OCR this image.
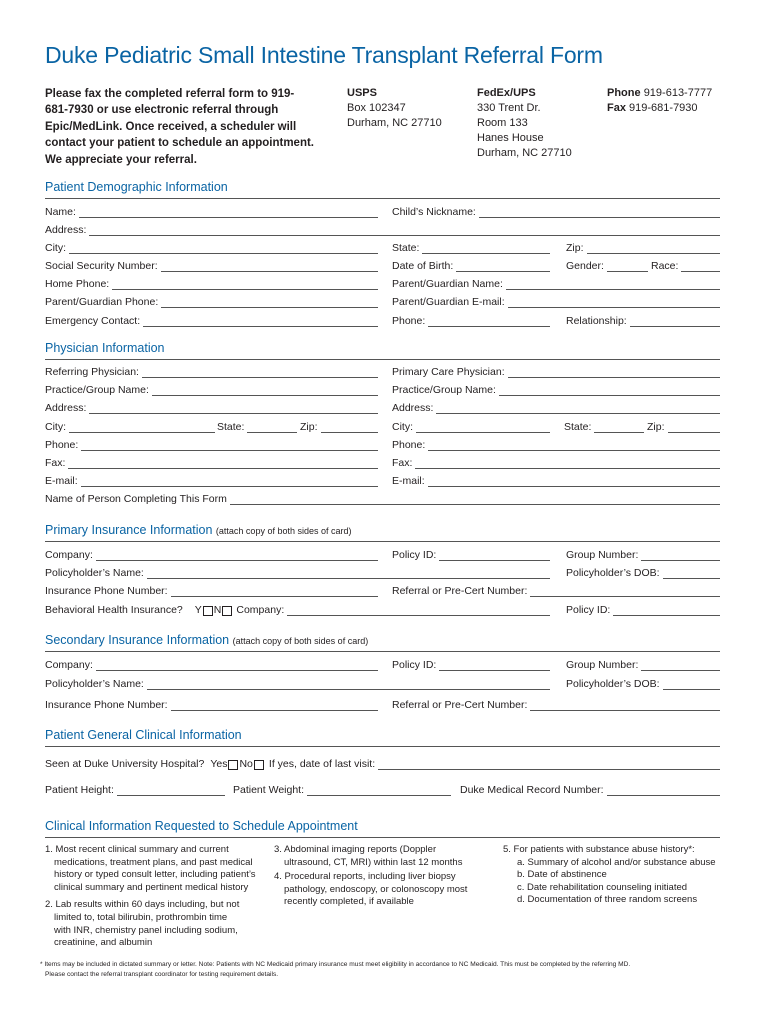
Duke Pediatric Small Intestine Transplant Referral Form
Please fax the completed referral form to 919-681-7930 or use electronic referral through Epic/MedLink. Once received, a scheduler will contact your patient to schedule an appointment. We appreciate your referral.
USPS
Box 102347
Durham, NC 27710
FedEx/UPS
330 Trent Dr.
Room 133
Hanes House
Durham, NC 27710
Phone 919-613-7777
Fax 919-681-7930
Patient Demographic Information
Name:	Child’s Nickname:
Address:
City:	State:	Zip:
Social Security Number:	Date of Birth:	Gender:	Race:
Home Phone:	Parent/Guardian Name:
Parent/Guardian Phone:	Parent/Guardian E-mail:
Emergency Contact:	Phone:	Relationship:
Physician Information
Referring Physician:	Primary Care Physician:
Practice/Group Name:	Practice/Group Name:
Address:	Address:
City:	State:	Zip:	City:	State:	Zip:
Phone:	Phone:
Fax:	Fax:
E-mail:	E-mail:
Name of Person Completing This Form
Primary Insurance Information (attach copy of both sides of card)
Company:	Policy ID:	Group Number:
Policyholder’s Name:	Policyholder’s DOB:
Insurance Phone Number:	Referral or Pre-Cert Number:
Behavioral Health Insurance? Y N Company:	Policy ID:
Secondary Insurance Information (attach copy of both sides of card)
Company:	Policy ID:	Group Number:
Policyholder’s Name:	Policyholder’s DOB:
Insurance Phone Number:	Referral or Pre-Cert Number:
Patient General Clinical Information
Seen at Duke University Hospital? Yes No If yes, date of last visit:
Patient Height:	Patient Weight:	Duke Medical Record Number:
Clinical Information Requested to Schedule Appointment
1. Most recent clinical summary and current
medications, treatment plans, and past medical
history or typed consult letter, including patient’s
clinical summary and pertinent medical history
2. Lab results within 60 days including, but not
limited to, total bilirubin, prothrombin time
with INR, chemistry panel including sodium,
creatinine, and albumin
3. Abdominal imaging reports (Doppler
ultrasound, CT, MRI) within last 12 months
4. Procedural reports, including liver biopsy
pathology, endoscopy, or colonoscopy most
recently completed, if available
5. For patients with substance abuse history*:
a. Summary of alcohol and/or substance abuse
b. Date of abstinence
c. Date rehabilitation counseling initiated
d. Documentation of three random screens
* Items may be included in dictated summary or letter. Note: Patients with NC Medicaid primary insurance must meet eligibility in accordance to NC Medicaid. This must be completed by the referring MD.
Please contact the referral transplant coordinator for testing requirement details.
